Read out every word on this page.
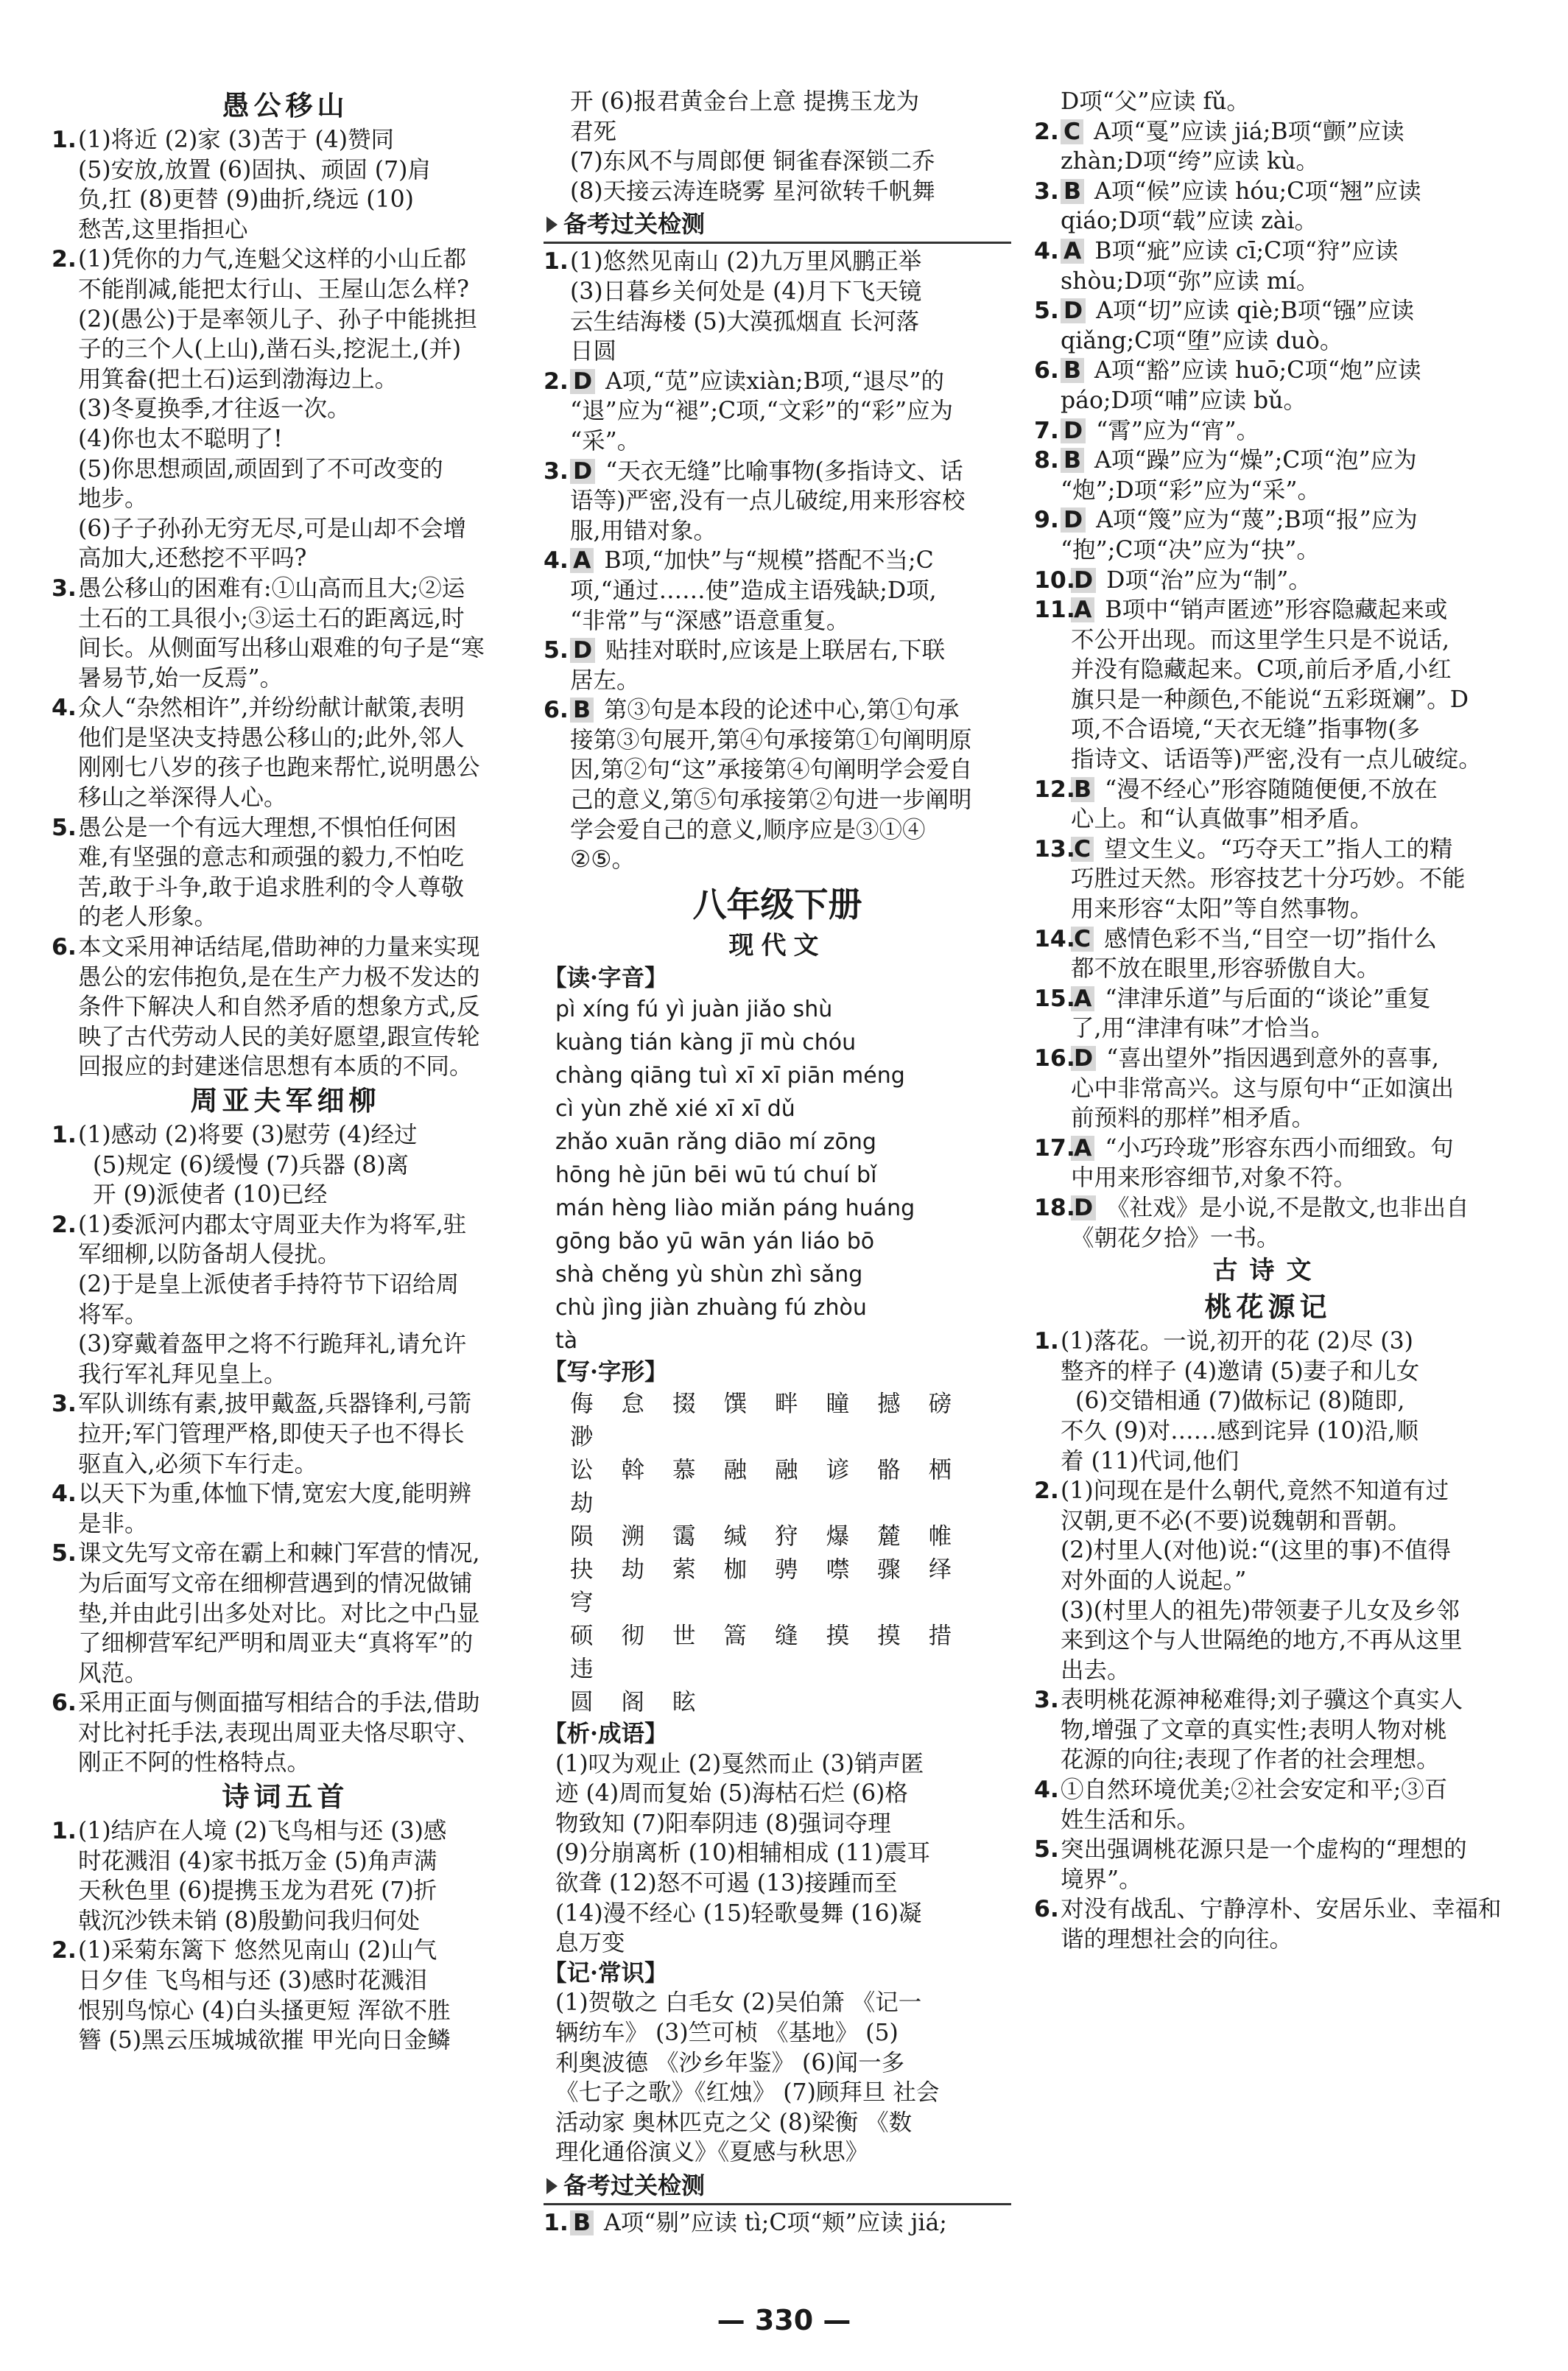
愚公移山
1. (1)将近 (2)家 (3)苦于 (4)赞同
(5)安放,放置 (6)固执、顽固 (7)肩
负,扛 (8)更替 (9)曲折,绕远 (10)
愁苦,这里指担心
2. (1)凭你的力气,连魁父这样的小山丘都
不能削减,能把太行山、王屋山怎么样?
(2)(愚公)于是率领儿子、孙子中能挑担
子的三个人(上山),凿石头,挖泥土,(并)
用箕畚(把土石)运到渤海边上。
(3)冬夏换季,才往返一次。
(4)你也太不聪明了!
(5)你思想顽固,顽固到了不可改变的
地步。
(6)子子孙孙无穷无尽,可是山却不会增
高加大,还愁挖不平吗?
3. 愚公移山的困难有:①山高而且大;②运
土石的工具很小;③运土石的距离远,时
间长。从侧面写出移山艰难的句子是“寒
暑易节,始一反焉”。
4. 众人“杂然相许”,并纷纷献计献策,表明
他们是坚决支持愚公移山的;此外,邻人
刚刚七八岁的孩子也跑来帮忙,说明愚公
移山之举深得人心。
5. 愚公是一个有远大理想,不惧怕任何困
难,有坚强的意志和顽强的毅力,不怕吃
苦,敢于斗争,敢于追求胜利的令人尊敬
的老人形象。
6. 本文采用神话结尾,借助神的力量来实现
愚公的宏伟抱负,是在生产力极不发达的
条件下解决人和自然矛盾的想象方式,反
映了古代劳动人民的美好愿望,跟宣传轮
回报应的封建迷信思想有本质的不同。
周亚夫军细柳
1. (1)感动 (2)将要 (3)慰劳 (4)经过
(5)规定 (6)缓慢 (7)兵器 (8)离
开 (9)派使者 (10)已经
2. (1)委派河内郡太守周亚夫作为将军,驻
军细柳,以防备胡人侵扰。
(2)于是皇上派使者手持符节下诏给周
将军。
(3)穿戴着盔甲之将不行跪拜礼,请允许
我行军礼拜见皇上。
3. 军队训练有素,披甲戴盔,兵器锋利,弓箭
拉开;军门管理严格,即使天子也不得长
驱直入,必须下车行走。
4. 以天下为重,体恤下情,宽宏大度,能明辨
是非。
5. 课文先写文帝在霸上和棘门军营的情况,
为后面写文帝在细柳营遇到的情况做铺
垫,并由此引出多处对比。对比之中凸显
了细柳营军纪严明和周亚夫“真将军”的
风范。
6. 采用正面与侧面描写相结合的手法,借助
对比衬托手法,表现出周亚夫恪尽职守、
刚正不阿的性格特点。
诗词五首
1. (1)结庐在人境 (2)飞鸟相与还 (3)感
时花溅泪 (4)家书抵万金 (5)角声满
天秋色里 (6)提携玉龙为君死 (7)折
戟沉沙铁未销 (8)殷勤问我归何处
2. (1)采菊东篱下 悠然见南山 (2)山气
日夕佳 飞鸟相与还 (3)感时花溅泪
恨别鸟惊心 (4)白头搔更短 浑欲不胜
簪 (5)黑云压城城欲摧 甲光向日金鳞
开 (6)报君黄金台上意 提携玉龙为
君死
(7)东风不与周郎便 铜雀春深锁二乔
(8)天接云涛连晓雾 星河欲转千帆舞
备考过关检测
1. (1)悠然见南山 (2)九万里风鹏正举
(3)日暮乡关何处是 (4)月下飞天镜
云生结海楼 (5)大漠孤烟直 长河落
日圆
2. D A项,“苋”应读xiàn;B项,“退尽”的
“退”应为“褪”;C项,“文彩”的“彩”应为
“采”。
3. D “天衣无缝”比喻事物(多指诗文、话
语等)严密,没有一点儿破绽,用来形容校
服,用错对象。
4. A B项,“加快”与“规模”搭配不当;C
项,“通过……使”造成主语残缺;D项,
“非常”与“深感”语意重复。
5. D 贴挂对联时,应该是上联居右,下联
居左。
6. B 第③句是本段的论述中心,第①句承
接第③句展开,第④句承接第①句阐明原
因,第②句“这”承接第④句阐明学会爱自
己的意义,第⑤句承接第②句进一步阐明
学会爱自己的意义,顺序应是③①④
②⑤。
八年级下册
现代文
【读·字音】
pì xíng fú yì juàn jiǎo shù
kuàng tián kàng jī mù chóu
chàng qiāng tuì xī xī piān méng
cì yùn zhě xié xī xī dǔ
zhǎo xuān rǎng diāo mí zōng
hōng hè jūn bēi wū tú chuí bǐ
mán hèng liào miǎn páng huáng
gōng bǎo yū wān yán liáo bō
shà chěng yù shùn zhì sǎng
chù jìng jiàn zhuàng fú zhòu
tà
【写·字形】
侮 怠 掇 馔 畔 瞳 撼 磅 渺
讼 斡 慕 融 融 谚 骼 栖 劫
陨 溯 霭 缄 狩 爆 麓 帷
抉 劫 萦 枷 骋 噤 骤 绎 穹
硕 彻 世 篙 缝 摸 摸 措 违
圆 阁 眩
【析·成语】
(1)叹为观止 (2)戛然而止 (3)销声匿
迹 (4)周而复始 (5)海枯石烂 (6)格
物致知 (7)阳奉阴违 (8)强词夺理
(9)分崩离析 (10)相辅相成 (11)震耳
欲聋 (12)怒不可遏 (13)接踵而至
(14)漫不经心 (15)轻歌曼舞 (16)凝
息万变
【记·常识】
(1)贺敬之 白毛女 (2)吴伯箫 《记一
辆纺车》 (3)竺可桢 《基地》 (5)
利奥波德 《沙乡年鉴》 (6)闻一多
《七子之歌》《红烛》 (7)顾拜旦 社会
活动家 奥林匹克之父 (8)梁衡 《数
理化通俗演义》《夏感与秋思》
备考过关检测
1. B A项“剔”应读 tì;C项“颊”应读 jiá;
D项“父”应读 fǔ。
2. C A项“戛”应读 jiá;B项“颤”应读
zhàn;D项“绔”应读 kù。
3. B A项“候”应读 hóu;C项“翘”应读
qiáo;D项“载”应读 zài。
4. A B项“疵”应读 cī;C项“狩”应读
shòu;D项“弥”应读 mí。
5. D A项“切”应读 qiè;B项“镪”应读
qiǎng;C项“堕”应读 duò。
6. B A项“豁”应读 huō;C项“炮”应读
páo;D项“哺”应读 bǔ。
7. D “霄”应为“宵”。
8. B A项“躁”应为“燥”;C项“泡”应为
“炮”;D项“彩”应为“采”。
9. D A项“篾”应为“蔑”;B项“报”应为
“抱”;C项“决”应为“抉”。
10.
D D项“治”应为“制”。
11.
A B项中“销声匿迹”形容隐藏起来或
不公开出现。而这里学生只是不说话,
并没有隐藏起来。C项,前后矛盾,小红
旗只是一种颜色,不能说“五彩斑斓”。D
项,不合语境,“天衣无缝”指事物(多
指诗文、话语等)严密,没有一点儿破绽。
12.
B “漫不经心”形容随随便便,不放在
心上。和“认真做事”相矛盾。
13.
C 望文生义。“巧夺天工”指人工的精
巧胜过天然。形容技艺十分巧妙。不能
用来形容“太阳”等自然事物。
14.
C 感情色彩不当,“目空一切”指什么
都不放在眼里,形容骄傲自大。
15.
A “津津乐道”与后面的“谈论”重复
了,用“津津有味”才恰当。
16.
D “喜出望外”指因遇到意外的喜事,
心中非常高兴。这与原句中“正如演出
前预料的那样”相矛盾。
17.
A “小巧玲珑”形容东西小而细致。句
中用来形容细节,对象不符。
18.
D 《社戏》是小说,不是散文,也非出自
《朝花夕拾》一书。
古诗文
桃花源记
1. (1)落花。一说,初开的花 (2)尽 (3)
整齐的样子 (4)邀请 (5)妻子和儿女
(6)交错相通 (7)做标记 (8)随即,
不久 (9)对……感到诧异 (10)沿,顺
着 (11)代词,他们
2. (1)问现在是什么朝代,竟然不知道有过
汉朝,更不必(不要)说魏朝和晋朝。
(2)村里人(对他)说:“(这里的事)不值得
对外面的人说起。”
(3)(村里人的祖先)带领妻子儿女及乡邻
来到这个与人世隔绝的地方,不再从这里
出去。
3. 表明桃花源神秘难得;刘子骥这个真实人
物,增强了文章的真实性;表明人物对桃
花源的向往;表现了作者的社会理想。
4. ①自然环境优美;②社会安定和平;③百
姓生活和乐。
5. 突出强调桃花源只是一个虚构的“理想的
境界”。
6. 对没有战乱、宁静淳朴、安居乐业、幸福和
谐的理想社会的向往。
— 330 —
